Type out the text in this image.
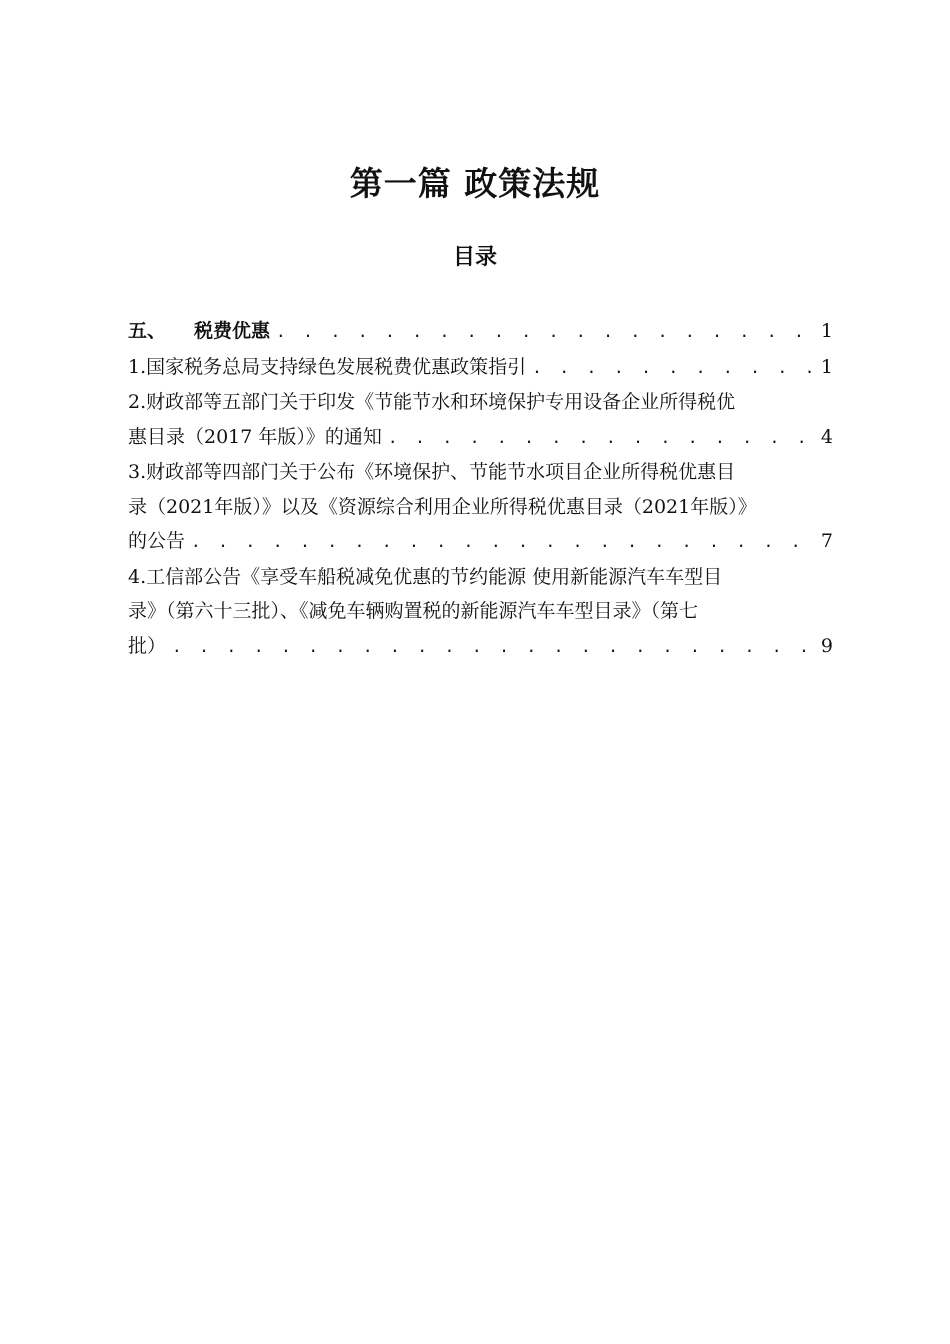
第一篇 政策法规
目录
五、 税费优惠 . . .	1
1.国家税务总局支持绿色发展税费优惠政策指引 . . .	1
2.财政部等五部门关于印发《节能节水和环境保护专用设备企业所得税优
惠目录（2017 年版）》的通知 . . .	4
3.财政部等四部门关于公布《环境保护、节能节水项目企业所得税优惠目
录（2021年版）》以及《资源综合利用企业所得税优惠目录（2021年版）》
的公告 . . .	7
4.工信部公告《享受车船税减免优惠的节约能源 使用新能源汽车车型目
录》（第六十三批）、《减免车辆购置税的新能源汽车车型目录》（第七
批） . . .	9
